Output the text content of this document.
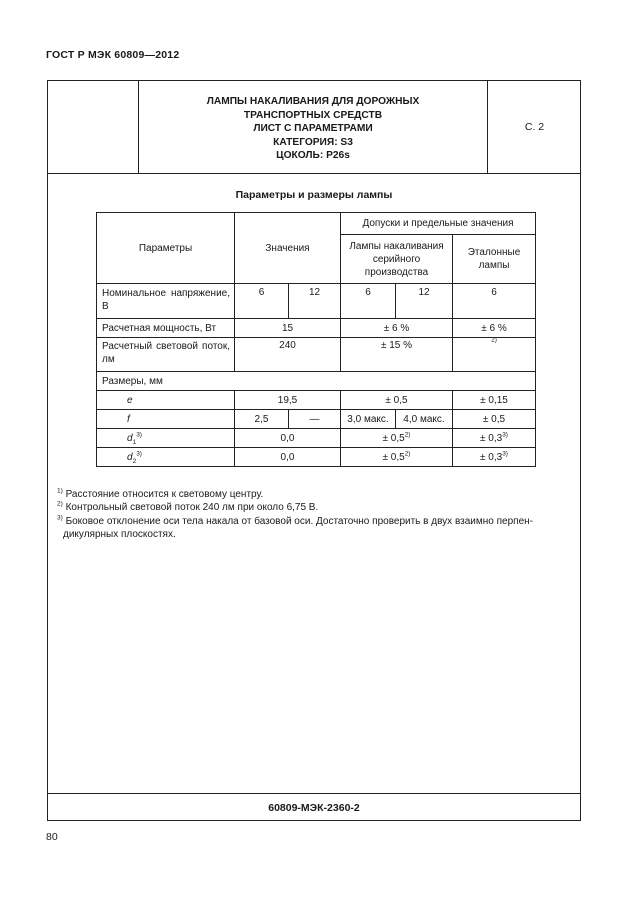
ГОСТ Р МЭК 60809—2012
ЛАМПЫ НАКАЛИВАНИЯ ДЛЯ ДОРОЖНЫХ
ТРАНСПОРТНЫХ СРЕДСТВ
ЛИСТ С ПАРАМЕТРАМИ
КАТЕГОРИЯ: S3
ЦОКОЛЬ: P26s
С. 2
Параметры и размеры лампы
Параметры	Значения		Допуски и предельные значения		
			Лампы накаливания серийного производства		Эталонные лампы
Номинальное напряжение, В	6	12	6	12	6
Расчетная мощность, Вт	15		± 6 %		± 6 %
Расчетный световой поток, лм	240		± 15 %		$^{2)}$
Размеры, мм					
e	19,5		± 0,5		± 0,15
f	2,5	—	3,0 макс.	4,0 макс.	± 0,5
$d_1^{3)}$	0,0		± $0,5^{2)}$		± $0,3^{3)}$
$d_2^{3)}$	0,0		± $0,5^{2)}$		± $0,3^{3)}$
$^{1)}$ Расстояние относится к световому центру.
$^{2)}$ Контрольный световой поток 240 лм при около 6,75 В.
$^{3)}$ Боковое отклонение оси тела накала от базовой оси. Достаточно проверить в двух взаимно перпен-
дикулярных плоскостях.
60809-МЭК-2360-2
80
